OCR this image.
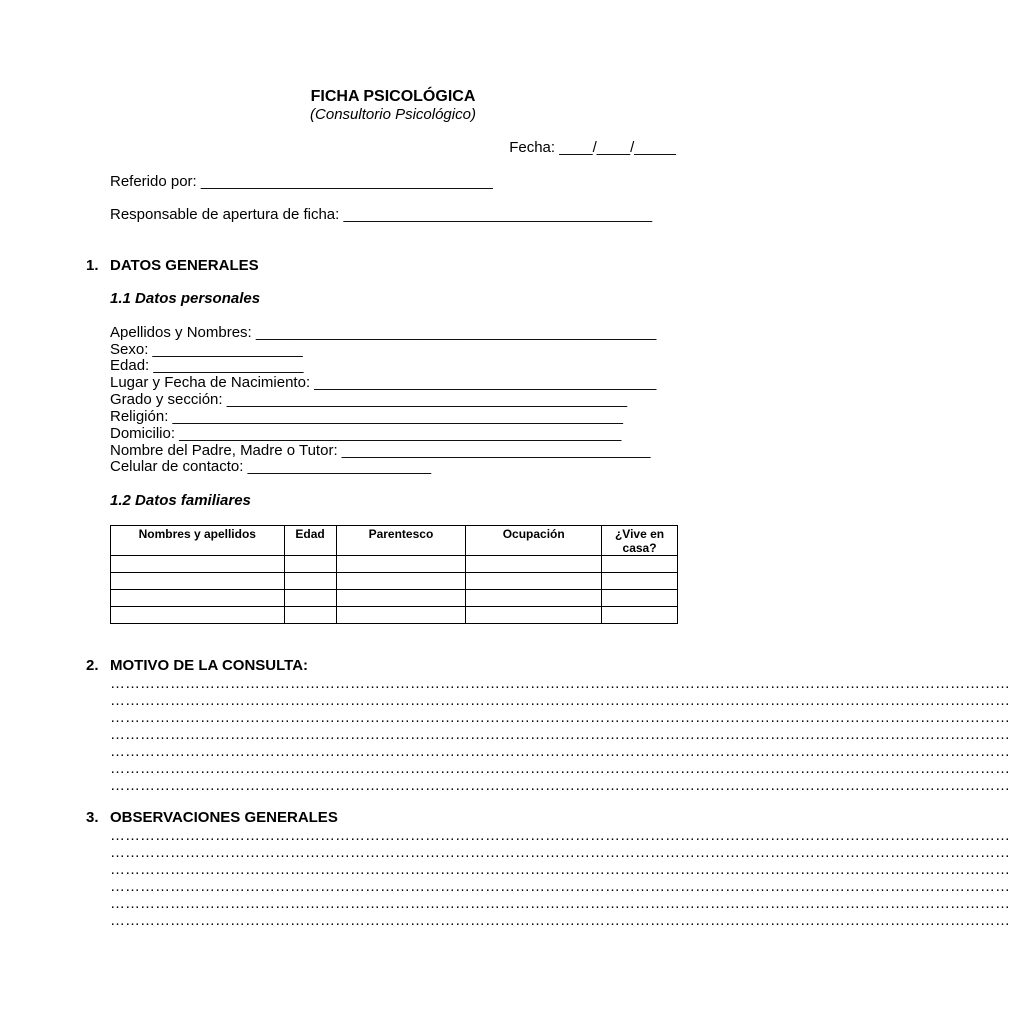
FICHA PSICOLÓGICA
(Consultorio Psicológico)
Fecha: ____/____/_____
Referido por: ___________________________________
Responsable de apertura de ficha: _____________________________________
1. DATOS GENERALES
1.1 Datos personales
Apellidos y Nombres: ________________________________________________
Sexo: __________________
Edad: __________________
Lugar y Fecha de Nacimiento: _________________________________________
Grado y sección: ________________________________________________
Religión: ______________________________________________________
Domicilio: _____________________________________________________
Nombre del Padre, Madre o Tutor: _____________________________________
Celular de contacto: ______________________
1.2 Datos familiares
Nombres y apellidos	Edad	Parentesco	Ocupación	¿Vive en casa?

2. MOTIVO DE LA CONSULTA:
………………………………………………………………………………………………………………………………………………………………
………………………………………………………………………………………………………………………………………………………………
………………………………………………………………………………………………………………………………………………………………
………………………………………………………………………………………………………………………………………………………………
………………………………………………………………………………………………………………………………………………………………
………………………………………………………………………………………………………………………………………………………………
………………………………………………………………………………………………………………………………………………………………
3. OBSERVACIONES GENERALES
………………………………………………………………………………………………………………………………………………………………
………………………………………………………………………………………………………………………………………………………………
………………………………………………………………………………………………………………………………………………………………
………………………………………………………………………………………………………………………………………………………………
………………………………………………………………………………………………………………………………………………………………
………………………………………………………………………………………………………………………………………………………………
